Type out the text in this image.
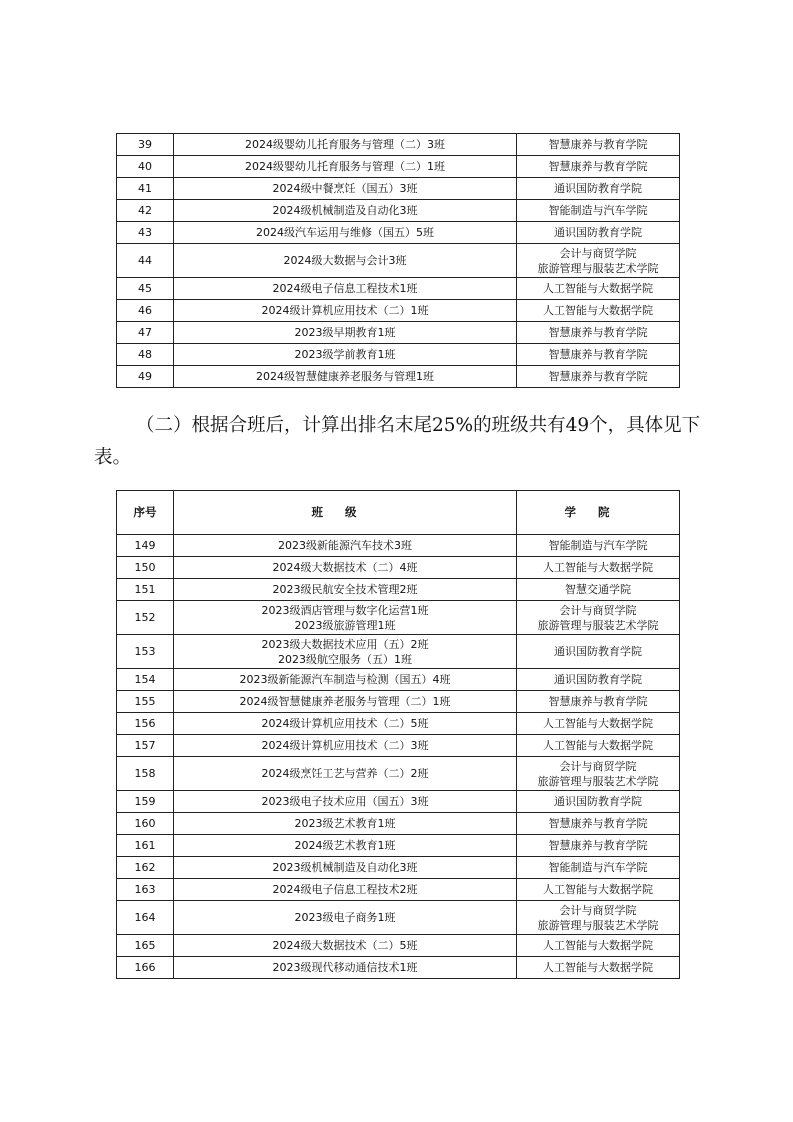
39	2024级婴幼儿托育服务与管理（二）3班	智慧康养与教育学院

40	2024级婴幼儿托育服务与管理（二）1班	智慧康养与教育学院

41	2024级中餐烹饪（国五）3班	通识国防教育学院

42	2024级机械制造及自动化3班	智能制造与汽车学院

43	2024级汽车运用与维修（国五）5班	通识国防教育学院

44	2024级大数据与会计3班	会计与商贸学院
旅游管理与服装艺术学院

45	2024级电子信息工程技术1班	人工智能与大数据学院

46	2024级计算机应用技术（二）1班	人工智能与大数据学院

47	2023级早期教育1班	智慧康养与教育学院

48	2023级学前教育1班	智慧康养与教育学院

49	2024级智慧健康养老服务与管理1班	智慧康养与教育学院
（二）根据合班后，计算出排名末尾25%的班级共有49个，具体见下表。
序号	班级	学院
149	2023级新能源汽车技术3班	智能制造与汽车学院

150	2024级大数据技术（二）4班	人工智能与大数据学院

151	2023级民航安全技术管理2班	智慧交通学院

152	2023级酒店管理与数字化运营1班
2023级旅游管理1班	会计与商贸学院
旅游管理与服装艺术学院

153	2023级大数据技术应用（五）2班
2023级航空服务（五）1班	通识国防教育学院

154	2023级新能源汽车制造与检测（国五）4班	通识国防教育学院

155	2024级智慧健康养老服务与管理（二）1班	智慧康养与教育学院

156	2024级计算机应用技术（二）5班	人工智能与大数据学院

157	2024级计算机应用技术（二）3班	人工智能与大数据学院

158	2024级烹饪工艺与营养（二）2班	会计与商贸学院
旅游管理与服装艺术学院

159	2023级电子技术应用（国五）3班	通识国防教育学院

160	2023级艺术教育1班	智慧康养与教育学院

161	2024级艺术教育1班	智慧康养与教育学院

162	2023级机械制造及自动化3班	智能制造与汽车学院

163	2024级电子信息工程技术2班	人工智能与大数据学院

164	2023级电子商务1班	会计与商贸学院
旅游管理与服装艺术学院

165	2024级大数据技术（二）5班	人工智能与大数据学院

166	2023级现代移动通信技术1班	人工智能与大数据学院
